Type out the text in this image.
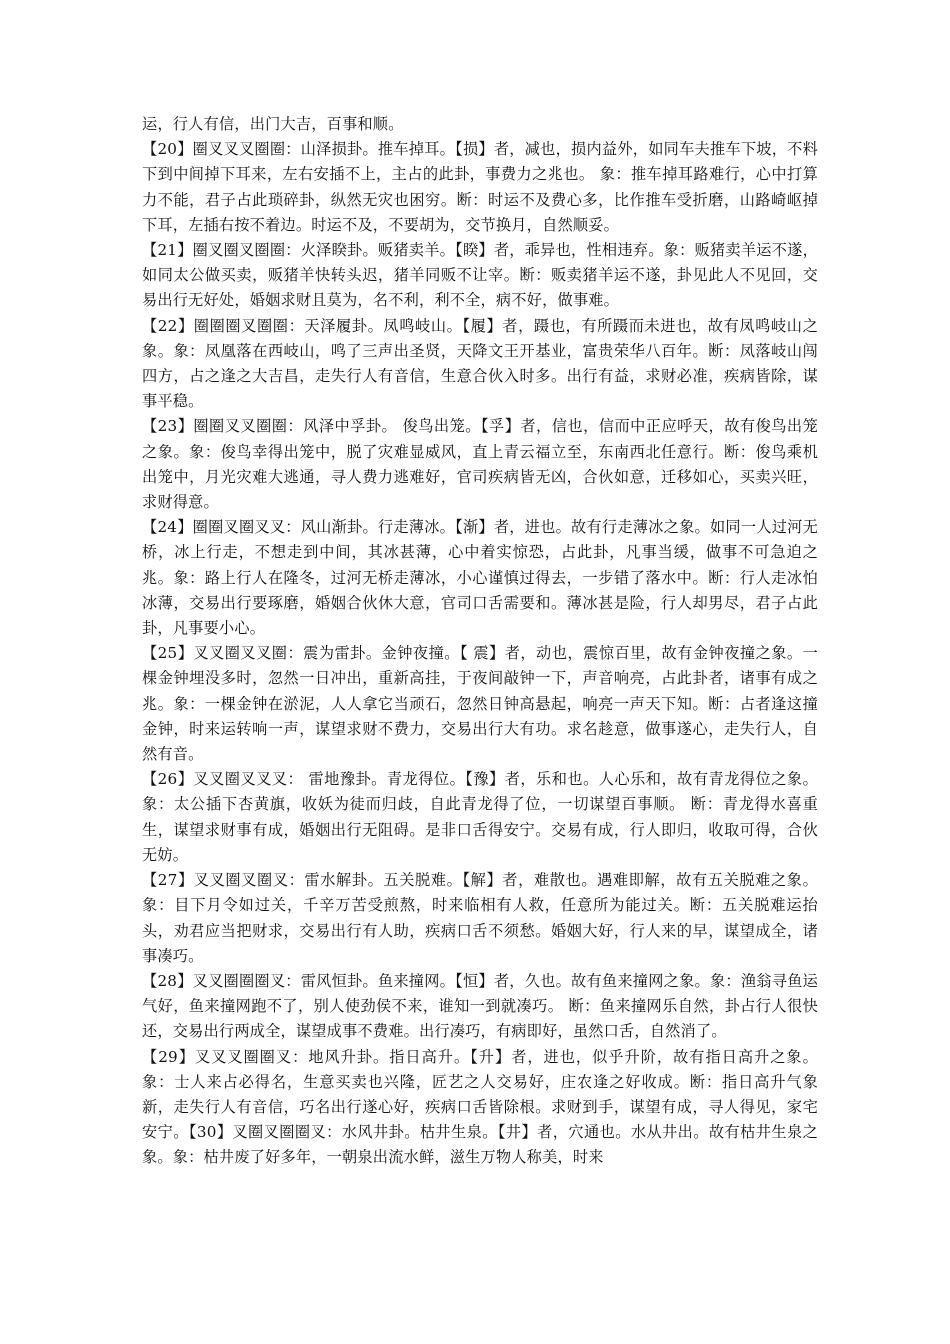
运，行人有信，出门大吉，百事和顺。

【20】圈叉叉叉圈圈：山泽损卦。推车掉耳。【损】者，减也，损内益外，如同车夫推车下坡，不料下到中间掉下耳来，左右安插不上，主占的此卦，事费力之兆也。 象：推车掉耳路难行，心中打算力不能，君子占此琐碎卦，纵然无灾也困穷。断：时运不及费心多，比作推车受折磨，山路崎岖掉下耳，左插右按不着边。时运不及，不要胡为，交节换月，自然顺妥。

【21】圈叉圈叉圈圈：火泽睽卦。贩猪卖羊。【睽】者，乖异也，性相违弃。象：贩猪卖羊运不遂，如同太公做买卖，贩猪羊快转头迟，猪羊同贩不让宰。断：贩卖猪羊运不遂，卦见此人不见回，交易出行无好处，婚姻求财且莫为，名不利，利不全，病不好，做事难。

【22】圈圈圈叉圈圈：天泽履卦。凤鸣岐山。【履】者，蹑也，有所蹑而未进也，故有凤鸣岐山之象。象：凤凰落在西岐山，鸣了三声出圣贤，天降文王开基业，富贵荣华八百年。断：凤落岐山闯四方，占之逢之大吉昌，走失行人有音信，生意合伙入时多。出行有益，求财必准，疾病皆除，谋事平稳。

【23】圈圈叉叉圈圈：风泽中孚卦。 俊鸟出笼。【孚】者，信也，信而中正应呼天，故有俊鸟出笼之象。象：俊鸟幸得出笼中，脱了灾难显威风，直上青云福立至，东南西北任意行。断：俊鸟乘机出笼中，月光灾难大逃通，寻人费力逃难好，官司疾病皆无凶，合伙如意，迁移如心，买卖兴旺，求财得意。

【24】圈圈叉圈叉叉：风山渐卦。行走薄冰。【渐】者，进也。故有行走薄冰之象。如同一人过河无桥，冰上行走，不想走到中间，其冰甚薄，心中着实惊恐，占此卦，凡事当缓，做事不可急迫之兆。象：路上行人在隆冬，过河无桥走薄冰，小心谨慎过得去，一步错了落水中。断：行人走冰怕冰薄，交易出行要琢磨，婚姻合伙休大意，官司口舌需要和。薄冰甚是险，行人却男尽，君子占此卦，凡事要小心。

【25】叉叉圈叉叉圈：震为雷卦。金钟夜撞。【 震】者，动也，震惊百里，故有金钟夜撞之象。一棵金钟埋没多时，忽然一日冲出，重新高挂，于夜间敲钟一下，声音响亮，占此卦者，诸事有成之兆。象：一棵金钟在淤泥，人人拿它当顽石，忽然日钟高悬起，响亮一声天下知。断：占者逢这撞金钟，时来运转响一声，谋望求财不费力，交易出行大有功。求名趁意，做事遂心，走失行人，自然有音。

【26】叉叉圈叉叉叉： 雷地豫卦。青龙得位。【豫】者，乐和也。人心乐和，故有青龙得位之象。象：太公插下杏黄旗，收妖为徒而归歧，自此青龙得了位，一切谋望百事顺。 断：青龙得水喜重生，谋望求财事有成，婚姻出行无阻碍。是非口舌得安宁。交易有成，行人即归，收取可得，合伙无妨。

【27】叉叉圈叉圈叉：雷水解卦。五关脱难。【解】者，难散也。遇难即解，故有五关脱难之象。象：目下月令如过关，千辛万苦受煎熬，时来临相有人救，任意所为能过关。断：五关脱难运抬头，劝君应当把财求，交易出行有人助，疾病口舌不须愁。婚姻大好，行人来的早，谋望成全，诸事凑巧。

【28】叉叉圈圈圈叉：雷风恒卦。鱼来撞网。【恒】者，久也。故有鱼来撞网之象。象：渔翁寻鱼运气好，鱼来撞网跑不了，别人使劲侯不来，谁知一到就凑巧。 断：鱼来撞网乐自然，卦占行人很快还，交易出行两成全，谋望成事不费难。出行凑巧，有病即好，虽然口舌，自然消了。

【29】叉叉叉圈圈叉：地风升卦。指日高升。【升】者，进也，似乎升阶，故有指日高升之象。 象：士人来占必得名，生意买卖也兴隆，匠艺之人交易好，庄农逢之好收成。断：指日高升气象新，走失行人有音信，巧名出行遂心好，疾病口舌皆除根。求财到手，谋望有成，寻人得见，家宅安宁。【30】叉圈叉圈圈叉：水风井卦。枯井生泉。【井】者，穴通也。水从井出。故有枯井生泉之象。象：枯井废了好多年，一朝泉出流水鲜，滋生万物人称美，时来
